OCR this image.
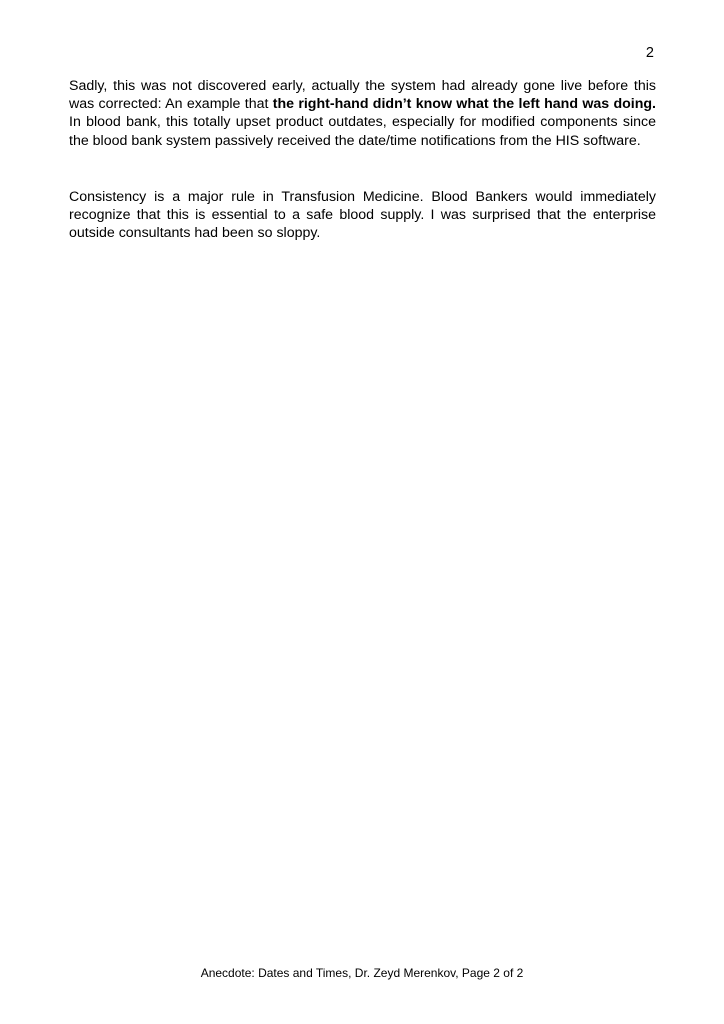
2

Sadly, this was not discovered early, actually the system had already gone live before this was corrected: An example that the right-hand didn’t know what the left hand was doing. In blood bank, this totally upset product outdates, especially for modified components since the blood bank system passively received the date/time notifications from the HIS software.

Consistency is a major rule in Transfusion Medicine. Blood Bankers would immediately recognize that this is essential to a safe blood supply. I was surprised that the enterprise outside consultants had been so sloppy.

Anecdote: Dates and Times, Dr. Zeyd Merenkov, Page 2 of 2
